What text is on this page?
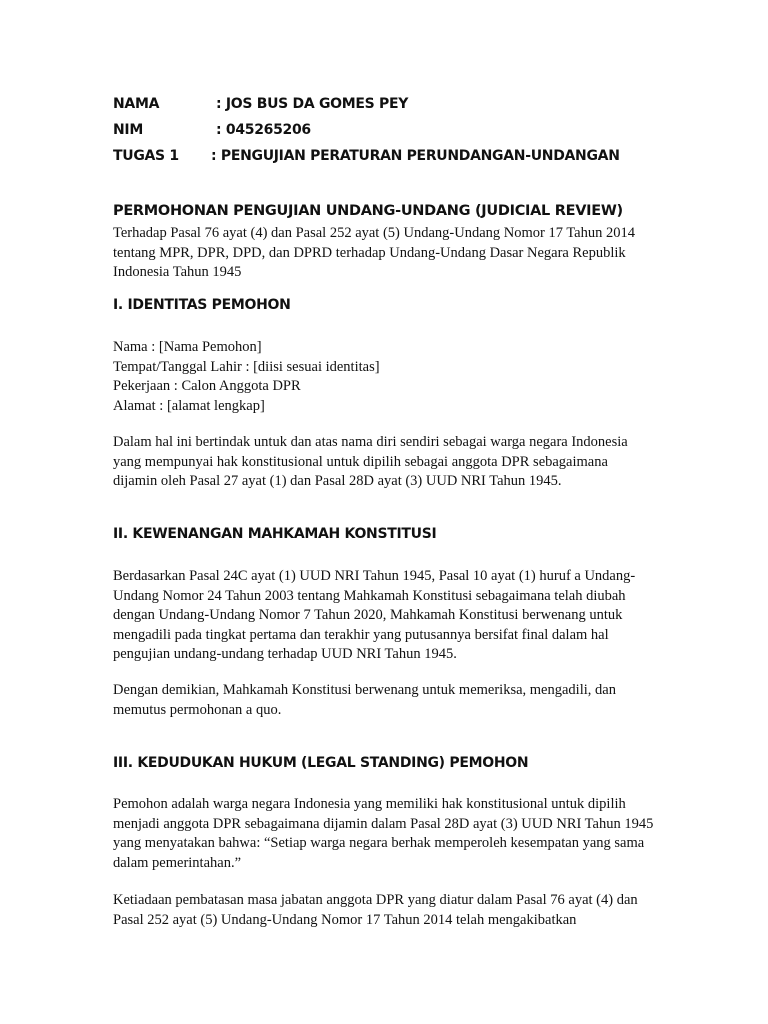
NAMA	: JOS BUS DA GOMES PEY
NIM	: 045265206
TUGAS 1 : PENGUJIAN PERATURAN PERUNDANGAN-UNDANGAN
PERMOHONAN PENGUJIAN UNDANG-UNDANG (JUDICIAL REVIEW)

Terhadap Pasal 76 ayat (4) dan Pasal 252 ayat (5) Undang-Undang Nomor 17 Tahun 2014

tentang MPR, DPR, DPD, dan DPRD terhadap Undang-Undang Dasar Negara Republik

Indonesia Tahun 1945

I. IDENTITAS PEMOHON

Nama : [Nama Pemohon]

Tempat/Tanggal Lahir : [diisi sesuai identitas]

Pekerjaan : Calon Anggota DPR

Alamat : [alamat lengkap]

Dalam hal ini bertindak untuk dan atas nama diri sendiri sebagai warga negara Indonesia

yang mempunyai hak konstitusional untuk dipilih sebagai anggota DPR sebagaimana

dijamin oleh Pasal 27 ayat (1) dan Pasal 28D ayat (3) UUD NRI Tahun 1945.

II. KEWENANGAN MAHKAMAH KONSTITUSI

Berdasarkan Pasal 24C ayat (1) UUD NRI Tahun 1945, Pasal 10 ayat (1) huruf a Undang-

Undang Nomor 24 Tahun 2003 tentang Mahkamah Konstitusi sebagaimana telah diubah

dengan Undang-Undang Nomor 7 Tahun 2020, Mahkamah Konstitusi berwenang untuk

mengadili pada tingkat pertama dan terakhir yang putusannya bersifat final dalam hal

pengujian undang-undang terhadap UUD NRI Tahun 1945.

Dengan demikian, Mahkamah Konstitusi berwenang untuk memeriksa, mengadili, dan

memutus permohonan a quo.

III. KEDUDUKAN HUKUM (LEGAL STANDING) PEMOHON

Pemohon adalah warga negara Indonesia yang memiliki hak konstitusional untuk dipilih

menjadi anggota DPR sebagaimana dijamin dalam Pasal 28D ayat (3) UUD NRI Tahun 1945

yang menyatakan bahwa: “Setiap warga negara berhak memperoleh kesempatan yang sama

dalam pemerintahan.”

Ketiadaan pembatasan masa jabatan anggota DPR yang diatur dalam Pasal 76 ayat (4) dan

Pasal 252 ayat (5) Undang-Undang Nomor 17 Tahun 2014 telah mengakibatkan
